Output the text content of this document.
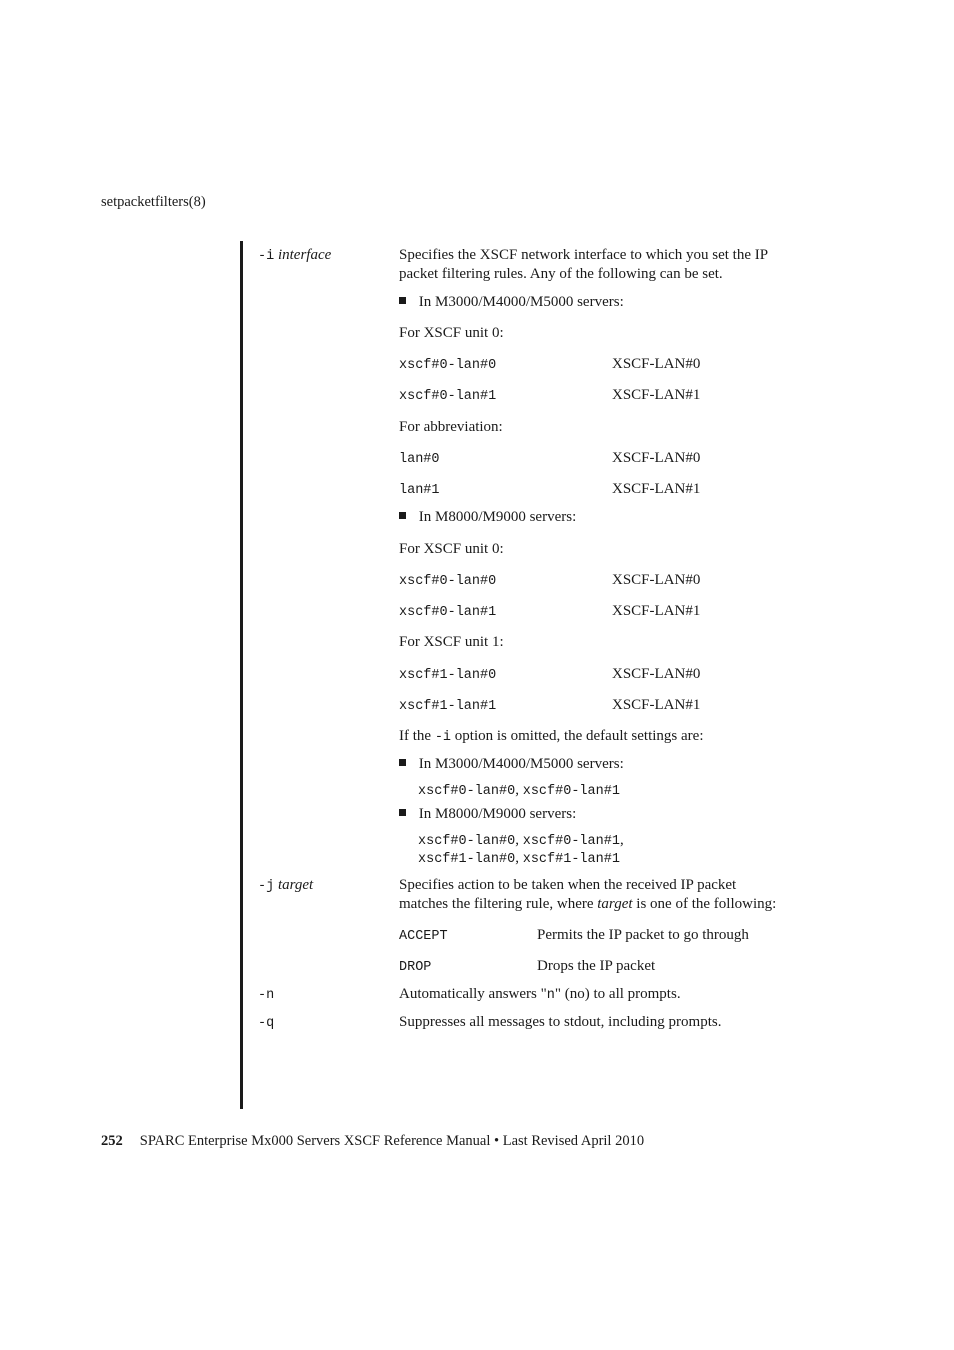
setpacketfilters(8)
-i interface	Specifies the XSCF network interface to which you set the IP
packet filtering rules. Any of the following can be set.
In M3000/M4000/M5000 servers:
For XSCF unit 0:
xscf#0-lan#0	XSCF-LAN#0
xscf#0-lan#1	XSCF-LAN#1
For abbreviation:
lan#0	XSCF-LAN#0
lan#1	XSCF-LAN#1
In M8000/M9000 servers:
For XSCF unit 0:
xscf#0-lan#0	XSCF-LAN#0
xscf#0-lan#1	XSCF-LAN#1
For XSCF unit 1:
xscf#1-lan#0	XSCF-LAN#0
xscf#1-lan#1	XSCF-LAN#1
If the -i option is omitted, the default settings are:
In M3000/M4000/M5000 servers:
xscf#0-lan#0, xscf#0-lan#1
In M8000/M9000 servers:
xscf#0-lan#0, xscf#0-lan#1,
xscf#1-lan#0, xscf#1-lan#1
-j target	Specifies action to be taken when the received IP packet
matches the filtering rule, where target is one of the following:
ACCEPT	Permits the IP packet to go through
DROP	Drops the IP packet
-n	Automatically answers "n" (no) to all prompts.
-q	Suppresses all messages to stdout, including prompts.
252 SPARC Enterprise Mx000 Servers XSCF Reference Manual • Last Revised April 2010
